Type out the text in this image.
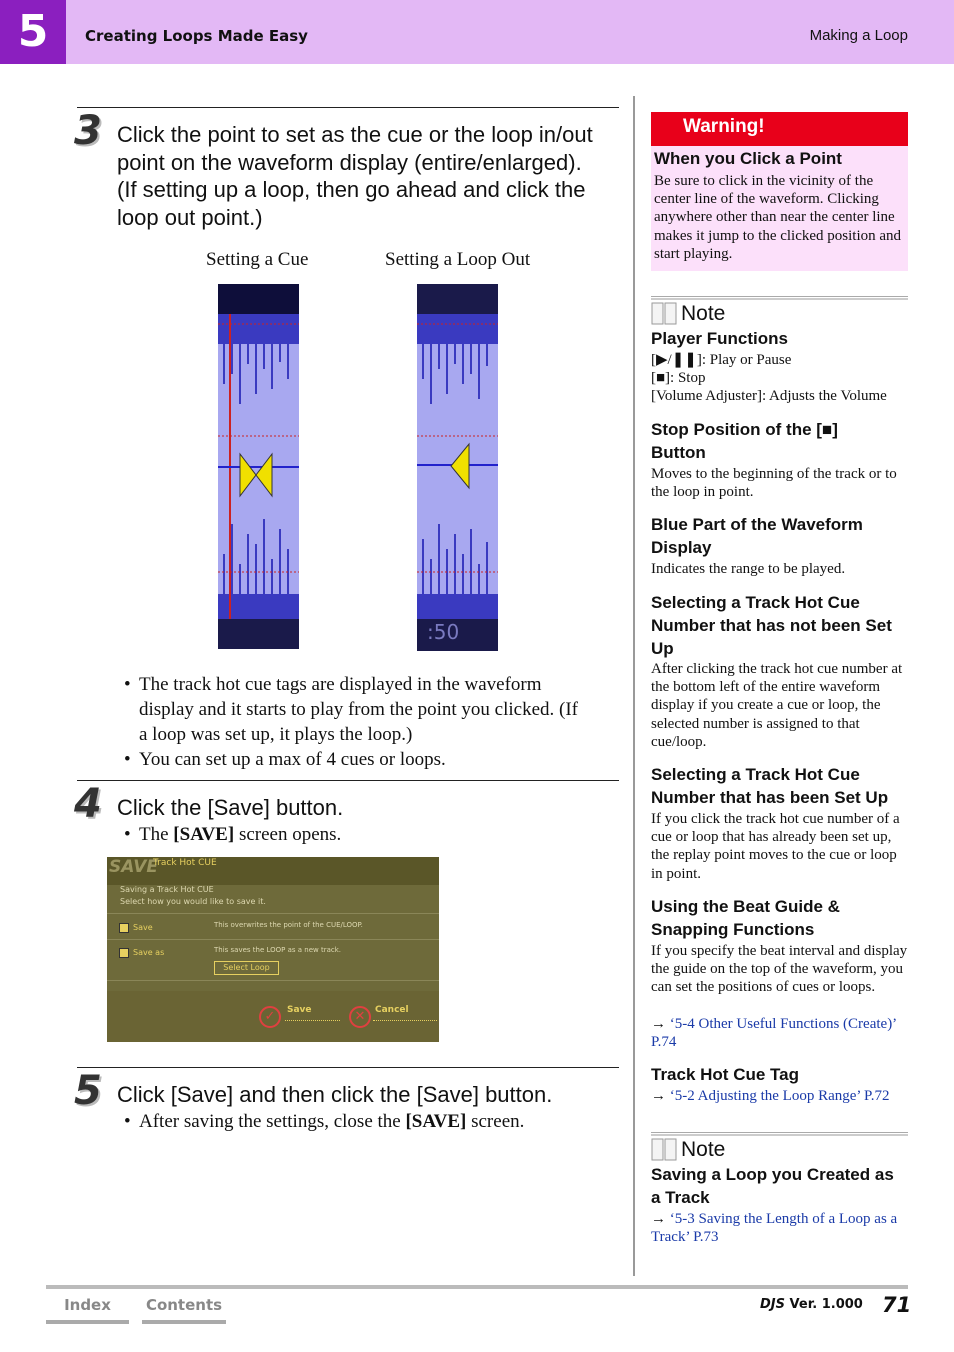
5	Creating Loops Made Easy	Making a Loop
3 Click the point to set as the cue or the loop in/out
point on the waveform display (entire/enlarged).
(If setting up a loop, then go ahead and click the
loop out point.)
Setting a Cue	Setting a Loop Out
:50
• The track hot cue tags are displayed in the waveform
display and it starts to play from the point you clicked. (If
a loop was set up, it plays the loop.)
• You can set up a max of 4 cues or loops.
4 Click the [Save] button.
• The [SAVE] screen opens.
SAVE
Track Hot CUE
Saving a Track Hot CUE
Select how you would like to save it.
Save	This overwrites the point of the CUE/LOOP.
Save as	This saves the LOOP as a new track.
Select Loop
✓	Save	✕	Cancel
5 Click [Save] and then click the [Save] button.
• After saving the settings, close the [SAVE] screen.
Warning!
When you Click a Point
Be sure to click in the vicinity of the center line of the waveform. Clicking anywhere other than near the center line makes it jump to the clicked position and start playing.
Note
Player Functions
[▶/❚❚]: Play or Pause
[■]: Stop
[Volume Adjuster]: Adjusts the Volume
Stop Position of the [■] Button
Moves to the beginning of the track or to the loop in point.
Blue Part of the Waveform Display
Indicates the range to be played.
Selecting a Track Hot Cue Number that has not been Set Up
After clicking the track hot cue number at the bottom left of the entire waveform display if you create a cue or loop, the selected number is assigned to that cue/loop.
Selecting a Track Hot Cue Number that has been Set Up
If you click the track hot cue number of a cue or loop that has already been set up, the replay point moves to the cue or loop in point.
Using the Beat Guide & Snapping Functions
If you specify the beat interval and display the guide on the top of the waveform, you can set the positions of cues or loops.
→ ‘5-4 Other Useful Functions (Create)’ P.74
Track Hot Cue Tag
→ ‘5-2 Adjusting the Loop Range’ P.72
Note
Saving a Loop you Created as a Track
→ ‘5-3 Saving the Length of a Loop as a Track’ P.73
Index	Contents	DJS Ver. 1.000 71
